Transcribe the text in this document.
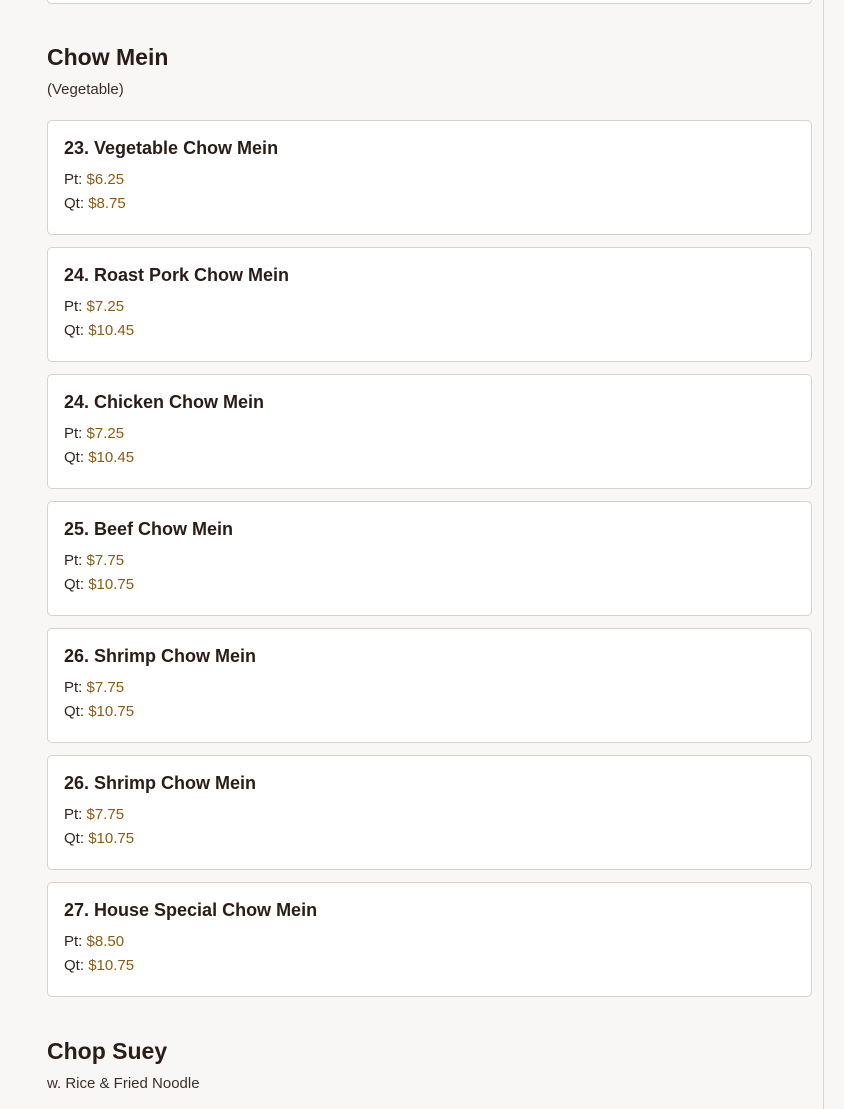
Chow Mein
(Vegetable)
23. Vegetable Chow Mein
Pt: $6.25
Qt: $8.75
24. Roast Pork Chow Mein
Pt: $7.25
Qt: $10.45
24. Chicken Chow Mein
Pt: $7.25
Qt: $10.45
25. Beef Chow Mein
Pt: $7.75
Qt: $10.75
26. Shrimp Chow Mein
Pt: $7.75
Qt: $10.75
26. Shrimp Chow Mein
Pt: $7.75
Qt: $10.75
27. House Special Chow Mein
Pt: $8.50
Qt: $10.75
Chop Suey
w. Rice & Fried Noodle
